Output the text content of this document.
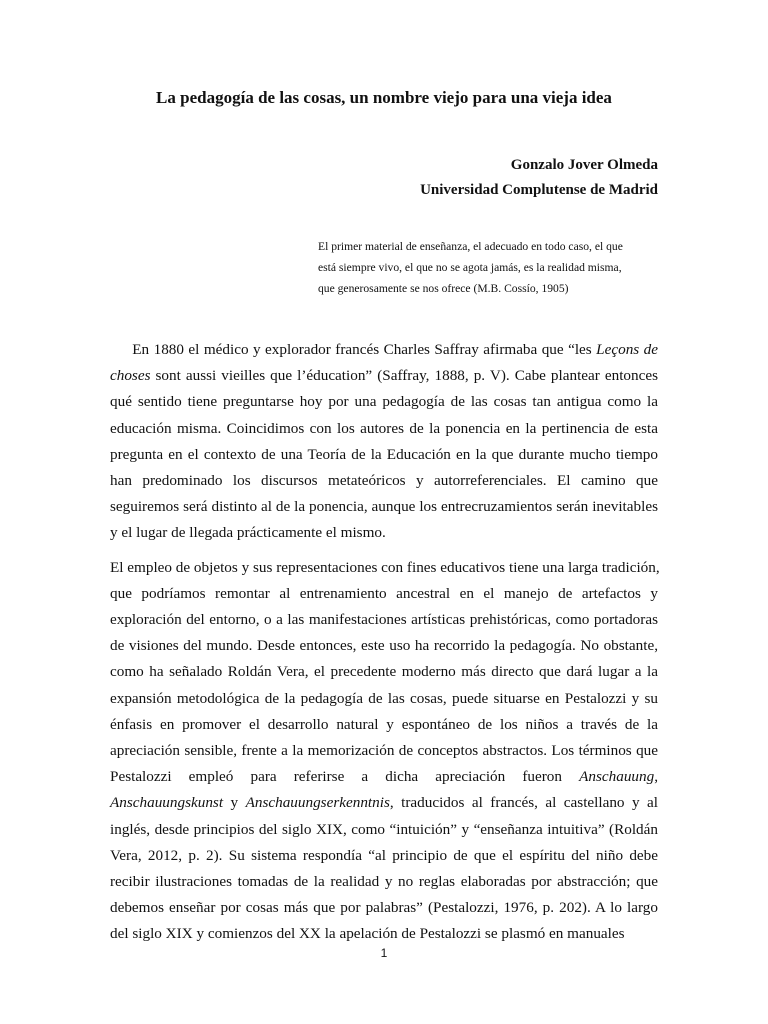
La pedagogía de las cosas, un nombre viejo para una vieja idea
Gonzalo Jover Olmeda
Universidad Complutense de Madrid
El primer material de enseñanza, el adecuado en todo caso, el que
está siempre vivo, el que no se agota jamás, es la realidad misma,
que generosamente se nos ofrece (M.B. Cossío, 1905)

En 1880 el médico y explorador francés Charles Saffray afirmaba que “les Leçons de
choses sont aussi vieilles que l’éducation” (Saffray, 1888, p. V). Cabe plantear entonces
qué sentido tiene preguntarse hoy por una pedagogía de las cosas tan antigua como la
educación misma. Coincidimos con los autores de la ponencia en la pertinencia de esta
pregunta en el contexto de una Teoría de la Educación en la que durante mucho tiempo
han predominado los discursos metateóricos y autorreferenciales. El camino que
seguiremos será distinto al de la ponencia, aunque los entrecruzamientos serán inevitables
y el lugar de llegada prácticamente el mismo.

El empleo de objetos y sus representaciones con fines educativos tiene una larga tradición,
que podríamos remontar al entrenamiento ancestral en el manejo de artefactos y
exploración del entorno, o a las manifestaciones artísticas prehistóricas, como portadoras
de visiones del mundo. Desde entonces, este uso ha recorrido la pedagogía. No obstante,
como ha señalado Roldán Vera, el precedente moderno más directo que dará lugar a la
expansión metodológica de la pedagogía de las cosas, puede situarse en Pestalozzi y su
énfasis en promover el desarrollo natural y espontáneo de los niños a través de la
apreciación sensible, frente a la memorización de conceptos abstractos. Los términos que
Pestalozzi empleó para referirse a dicha apreciación fueron Anschauung,
Anschauungskunst y Anschauungserkenntnis, traducidos al francés, al castellano y al
inglés, desde principios del siglo XIX, como “intuición” y “enseñanza intuitiva” (Roldán
Vera, 2012, p. 2). Su sistema respondía “al principio de que el espíritu del niño debe
recibir ilustraciones tomadas de la realidad y no reglas elaboradas por abstracción; que
debemos enseñar por cosas más que por palabras” (Pestalozzi, 1976, p. 202). A lo largo
del siglo XIX y comienzos del XX la apelación de Pestalozzi se plasmó en manuales

1
